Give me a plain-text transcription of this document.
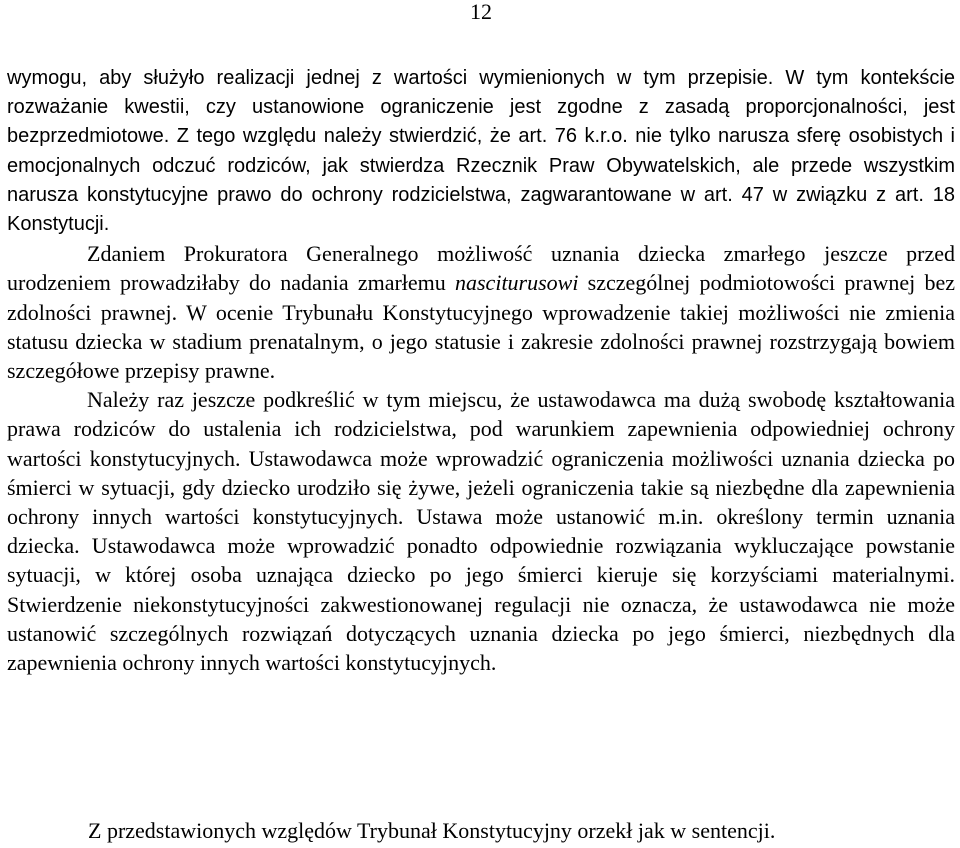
12

wymogu, aby służyło realizacji jednej z wartości wymienionych w tym przepisie. W tym kontekście rozważanie kwestii, czy ustanowione ograniczenie jest zgodne z zasadą proporcjonalności, jest bezprzedmiotowe. Z tego względu należy stwierdzić, że art. 76 k.r.o. nie tylko narusza sferę osobistych i emocjonalnych odczuć rodziców, jak stwierdza Rzecznik Praw Obywatelskich, ale przede wszystkim narusza konstytucyjne prawo do ochrony rodzicielstwa, zagwarantowane w art. 47 w związku z art. 18 Konstytucji.

Zdaniem Prokuratora Generalnego możliwość uznania dziecka zmarłego jeszcze przed urodzeniem prowadziłaby do nadania zmarłemu nasciturusowi szczególnej podmiotowości prawnej bez zdolności prawnej. W ocenie Trybunału Konstytucyjnego wprowadzenie takiej możliwości nie zmienia statusu dziecka w stadium prenatalnym, o jego statusie i zakresie zdolności prawnej rozstrzygają bowiem szczegółowe przepisy prawne.

Należy raz jeszcze podkreślić w tym miejscu, że ustawodawca ma dużą swobodę kształtowania prawa rodziców do ustalenia ich rodzicielstwa, pod warunkiem zapewnienia odpowiedniej ochrony wartości konstytucyjnych. Ustawodawca może wprowadzić ograniczenia możliwości uznania dziecka po śmierci w sytuacji, gdy dziecko urodziło się żywe, jeżeli ograniczenia takie są niezbędne dla zapewnienia ochrony innych wartości konstytucyjnych. Ustawa może ustanowić m.in. określony termin uznania dziecka. Ustawodawca może wprowadzić ponadto odpowiednie rozwiązania wykluczające powstanie sytuacji, w której osoba uznająca dziecko po jego śmierci kieruje się korzyściami materialnymi. Stwierdzenie niekonstytucyjności zakwestionowanej regulacji nie oznacza, że ustawodawca nie może ustanowić szczególnych rozwiązań dotyczących uznania dziecka po jego śmierci, niezbędnych dla zapewnienia ochrony innych wartości konstytucyjnych.

Z przedstawionych względów Trybunał Konstytucyjny orzekł jak w sentencji.
